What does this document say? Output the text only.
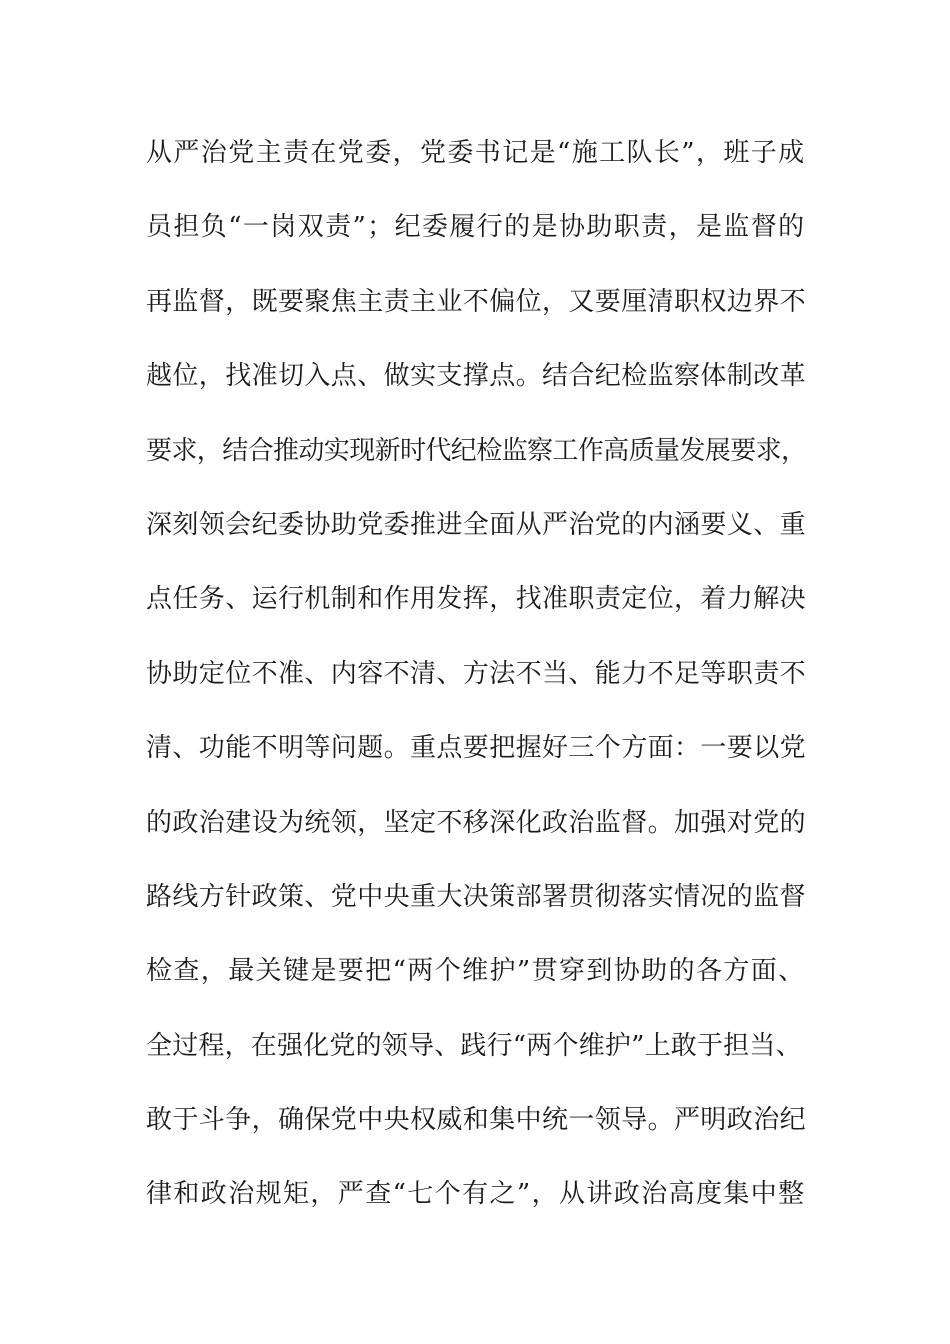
从严治党主责在党委，党委书记是“施工队长”，班子成
员担负“一岗双责”；纪委履行的是协助职责，是监督的
再监督，既要聚焦主责主业不偏位，又要厘清职权边界不
越位，找准切入点、做实支撑点。结合纪检监察体制改革
要求，结合推动实现新时代纪检监察工作高质量发展要求，
深刻领会纪委协助党委推进全面从严治党的内涵要义、重
点任务、运行机制和作用发挥，找准职责定位，着力解决
协助定位不准、内容不清、方法不当、能力不足等职责不
清、功能不明等问题。重点要把握好三个方面：一要以党
的政治建设为统领，坚定不移深化政治监督。加强对党的
路线方针政策、党中央重大决策部署贯彻落实情况的监督
检查，最关键是要把“两个维护”贯穿到协助的各方面、
全过程，在强化党的领导、践行“两个维护”上敢于担当、
敢于斗争，确保党中央权威和集中统一领导。严明政治纪
律和政治规矩，严查“七个有之”，从讲政治高度集中整
